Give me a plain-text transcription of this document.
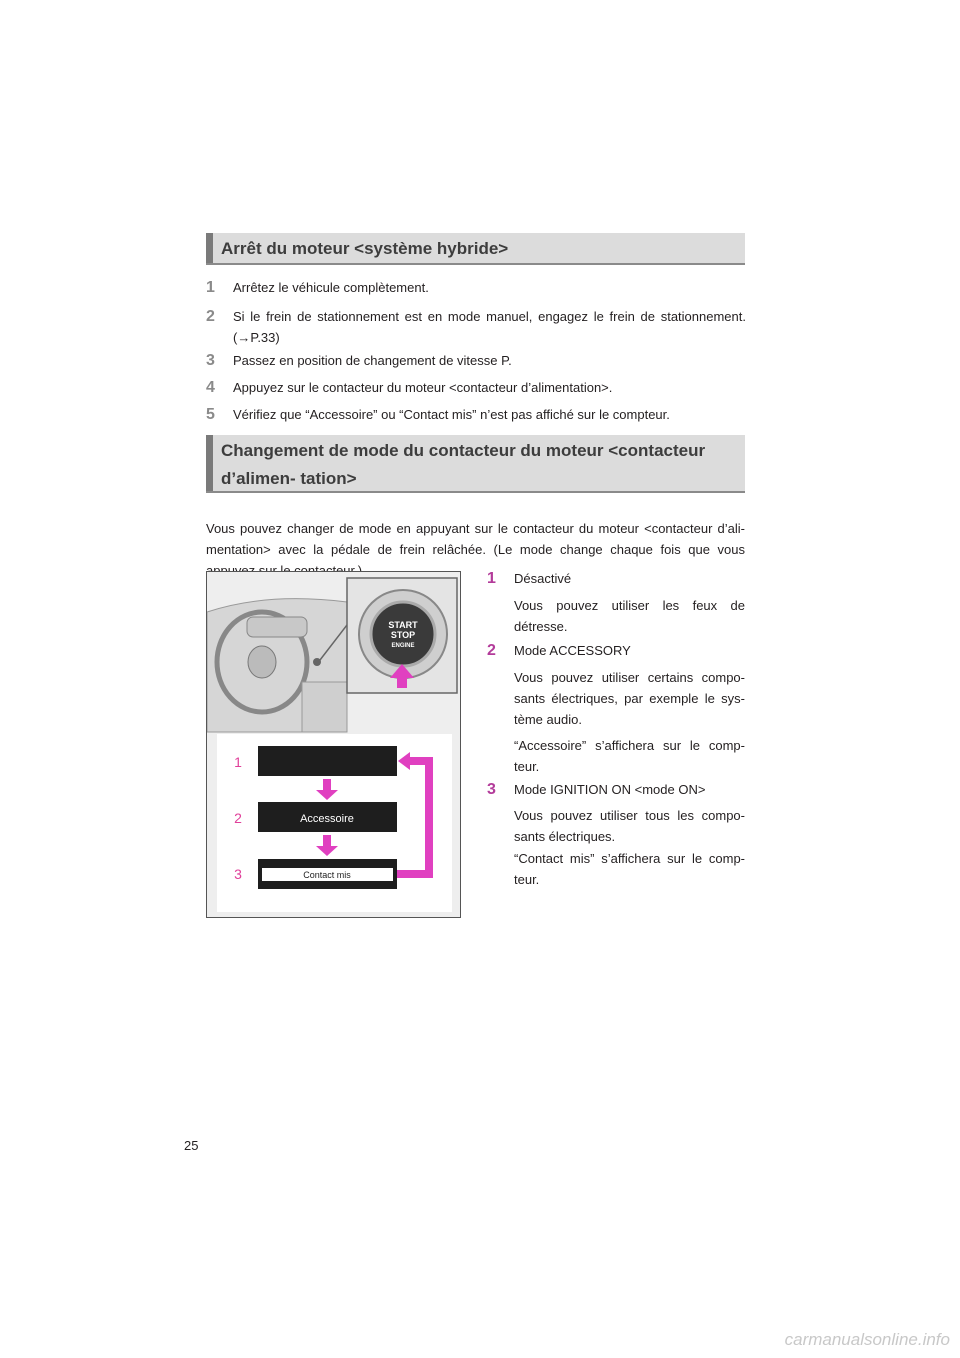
Arrêt du moteur <système hybride>
1 Arrêtez le véhicule complètement.
2 Si le frein de stationnement est en mode manuel, engagez le frein de stationnement. (→P.33)
3 Passez en position de changement de vitesse P.
4 Appuyez sur le contacteur du moteur <contacteur d’alimentation>.
5 Vérifiez que “Accessoire” ou “Contact mis” n’est pas affiché sur le compteur.
Changement de mode du contacteur du moteur <contacteur d’alimen- tation>
Vous pouvez changer de mode en appuyant sur le contacteur du moteur <contacteur d’ali- mentation> avec la pédale de frein relâchée. (Le mode change chaque fois que vous
START
STOP
ENGINE
1
2
3
Accessoire
Contact mis
1 Désactivé
Vous pouvez utiliser les feux de détresse.
2 Mode ACCESSORY
Vous pouvez utiliser certains compo- sants électriques, par exemple le sys- tème audio.
“Accessoire” s’affichera sur le comp- teur.
3 Mode IGNITION ON <mode ON>
Vous pouvez utiliser tous les compo- sants électriques.
“Contact mis” s’affichera sur le comp- teur.
25
carmanualsonline.info
